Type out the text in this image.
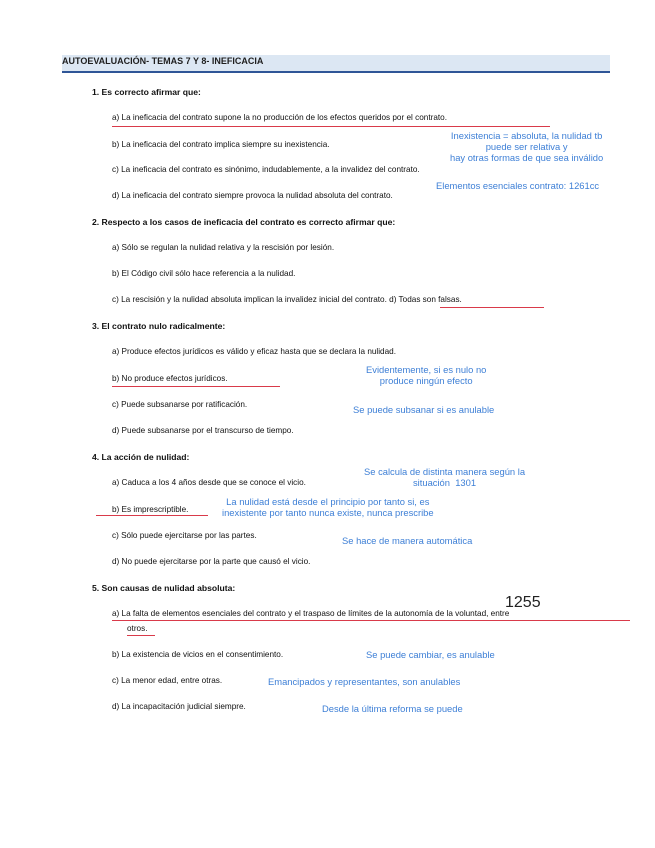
AUTOEVALUACIÓN- TEMAS 7 Y 8- INEFICACIA
1. Es correcto afirmar que:
a) La ineficacia del contrato supone la no producción de los efectos queridos por el contrato.
b) La ineficacia del contrato implica siempre su inexistencia.
c) La ineficacia del contrato es sinónimo, indudablemente, a la invalidez del contrato.
d) La ineficacia del contrato siempre provoca la nulidad absoluta del contrato.
Inexistencia = absoluta, la nulidad tb
puede ser relativa y
hay otras formas de que sea inválido
Elementos esenciales contrato: 1261cc
2. Respecto a los casos de ineficacia del contrato es correcto afirmar que:
a) Sólo se regulan la nulidad relativa y la rescisión por lesión.
b) El Código civil sólo hace referencia a la nulidad.
c) La rescisión y la nulidad absoluta implican la invalidez inicial del contrato. d) Todas son falsas.
3. El contrato nulo radicalmente:
a) Produce efectos jurídicos es válido y eficaz hasta que se declara la nulidad.
b) No produce efectos jurídicos.
c) Puede subsanarse por ratificación.
d) Puede subsanarse por el transcurso de tiempo.
Evidentemente, si es nulo no
produce ningún efecto
Se puede subsanar si es anulable
4. La acción de nulidad:
a) Caduca a los 4 años desde que se conoce el vicio.
b) Es imprescriptible.
c) Sólo puede ejercitarse por las partes.
d) No puede ejercitarse por la parte que causó el vicio.
Se calcula de distinta manera según la
situación  1301
La nulidad está desde el principio por tanto si, es
inexistente por tanto nunca existe, nunca prescribe
Se hace de manera automática
5. Son causas de nulidad absoluta:
1255
a) La falta de elementos esenciales del contrato y el traspaso de límites de la autonomía de la voluntad, entre
otros.
b) La existencia de vicios en el consentimiento.
c) La menor edad, entre otras.
d) La incapacitación judicial siempre.
Se puede cambiar, es anulable
Emancipados y representantes, son anulables
Desde la última reforma se puede
